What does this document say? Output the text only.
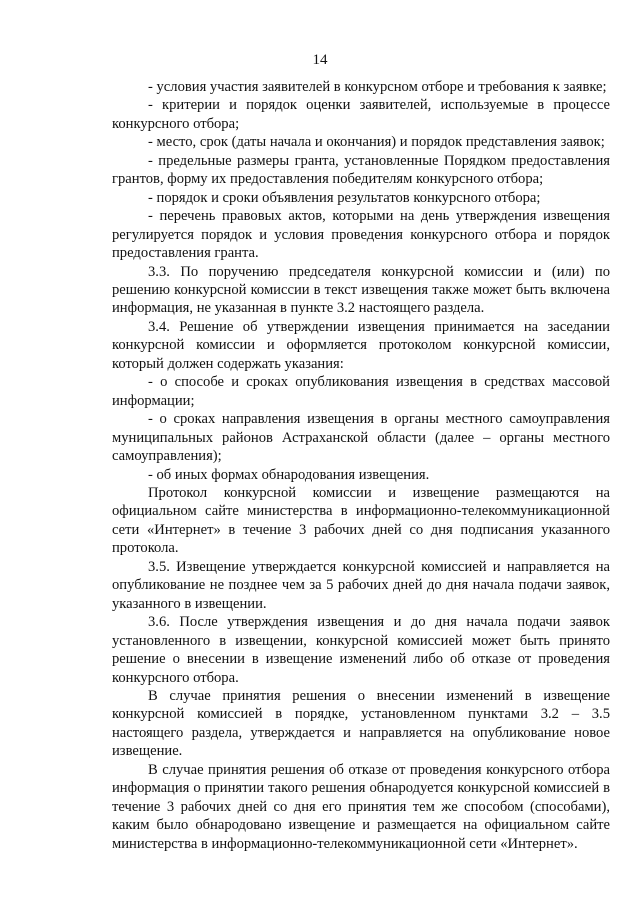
14

- условия участия заявителей в конкурсном отборе и требования к заявке;

- критерии и порядок оценки заявителей, используемые в процессе конкурсного отбора;

- место, срок (даты начала и окончания) и порядок представления заявок;

- предельные размеры гранта, установленные Порядком предоставления грантов, форму их предоставления победителям конкурсного отбора;

- порядок и сроки объявления результатов конкурсного отбора;

- перечень правовых актов, которыми на день утверждения извещения регулируется порядок и условия проведения конкурсного отбора и порядок предоставления гранта.

3.3. По поручению председателя конкурсной комиссии и (или) по решению конкурсной комиссии в текст извещения также может быть включена информация, не указанная в пункте 3.2 настоящего раздела.

3.4. Решение об утверждении извещения принимается на заседании конкурсной комиссии и оформляется протоколом конкурсной комиссии, который должен содержать указания:

- о способе и сроках опубликования извещения в средствах массовой информации;

- о сроках направления извещения в органы местного самоуправления муниципальных районов Астраханской области (далее – органы местного самоуправления);

- об иных формах обнародования извещения.

Протокол конкурсной комиссии и извещение размещаются на официальном сайте министерства в информационно-телекоммуникационной сети «Интернет» в течение 3 рабочих дней со дня подписания указанного протокола.

3.5. Извещение утверждается конкурсной комиссией и направляется на опубликование не позднее чем за 5 рабочих дней до дня начала подачи заявок, указанного в извещении.

3.6. После утверждения извещения и до дня начала подачи заявок установленного в извещении, конкурсной комиссией может быть принято решение о внесении в извещение изменений либо об отказе от проведения конкурсного отбора.

В случае принятия решения о внесении изменений в извещение конкурсной комиссией в порядке, установленном пунктами 3.2 – 3.5 настоящего раздела, утверждается и направляется на опубликование новое извещение.

В случае принятия решения об отказе от проведения конкурсного отбора информация о принятии такого решения обнародуется конкурсной комиссией в течение 3 рабочих дней со дня его принятия тем же способом (способами), каким было обнародовано извещение и размещается на официальном сайте министерства в информационно-телекоммуникационной сети «Интернет».
